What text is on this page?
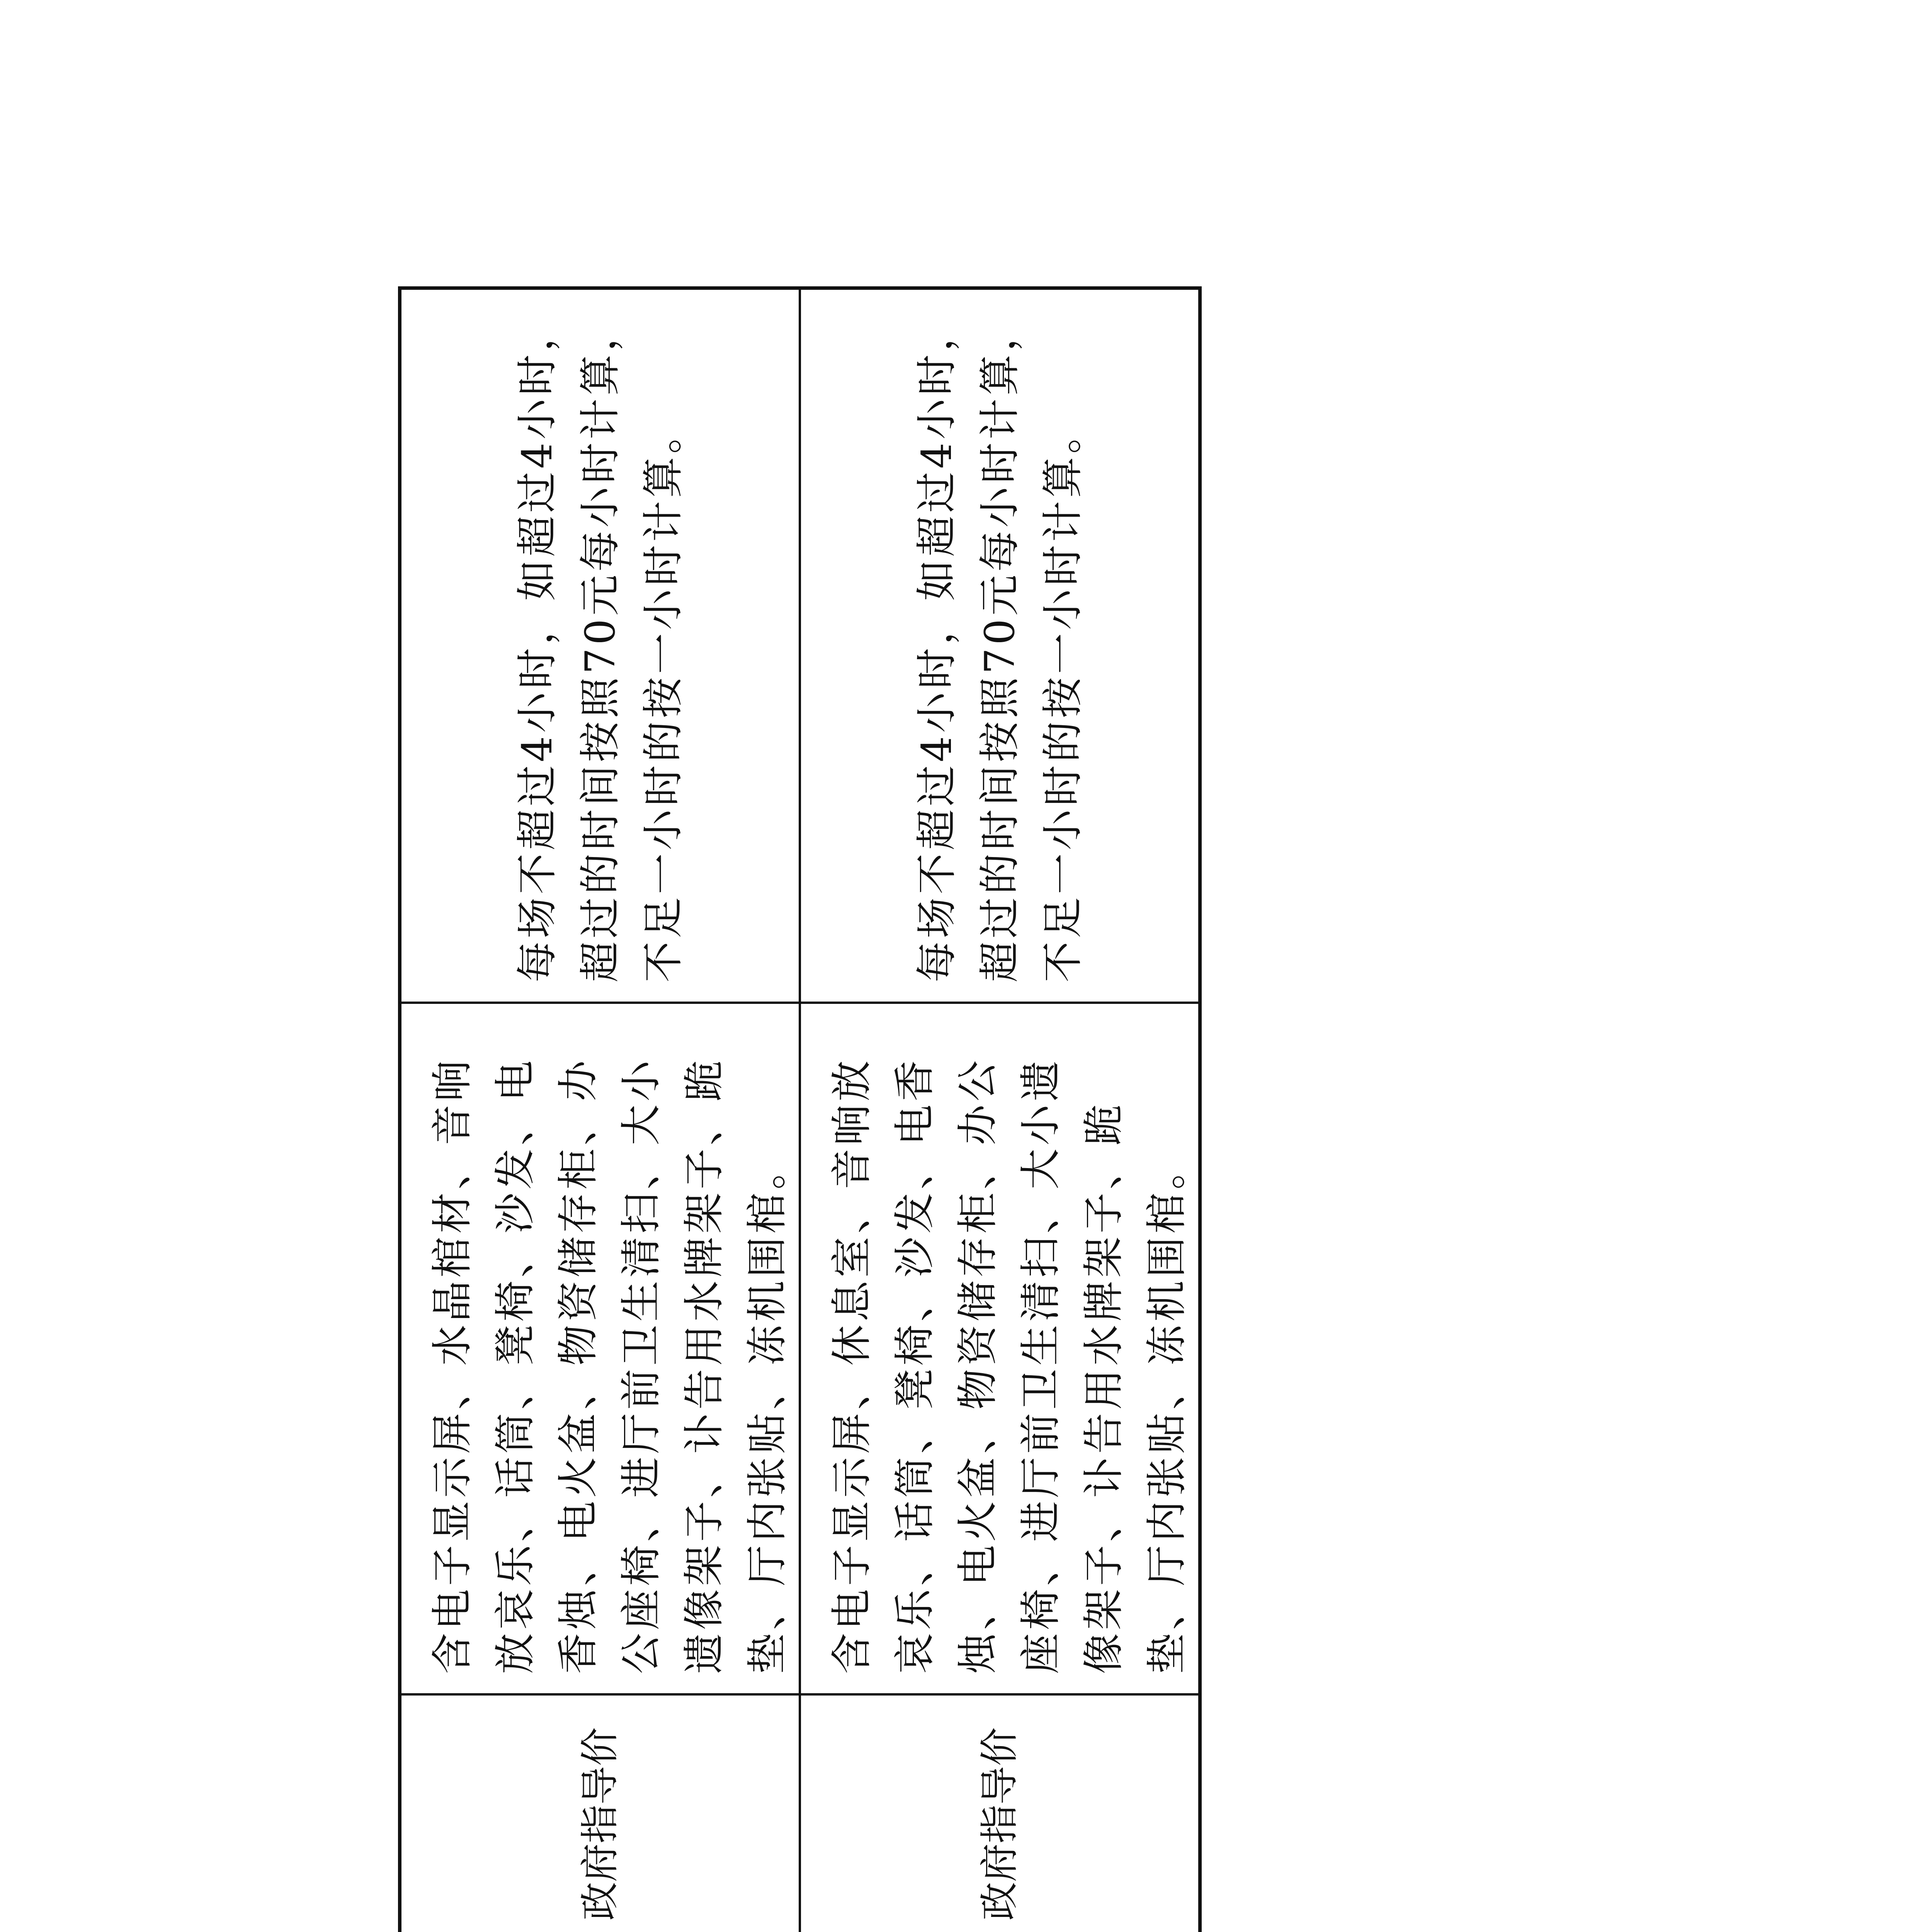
				政府指导价	含电子显示屏、水晶棺材、音响放哀乐、话筒、凳椅、沙发、电香烛、电火盆、物资储存柜、办公座椅、进厅前卫生清扫、大小遗像架子、讣告用水牌架子、跪垫、厅内张贴、冻机围棺。	每场不超过4小时，如超过4小时，超过的时间按照70元每小时计算，不足一小时的按一小时计算。

				政府指导价	含电子显示屏、休息室、音响放哀乐、话筒、凳椅、沙发、电香烛、电火盆、物资储存柜、办公座椅、进厅前卫生清扫、大小遗像架子、讣告用水牌架子、跪垫、厅内张贴、冻机围棺。	每场不超过4小时，如超过4小时，超过的时间按照70元每小时计算，不足一小时的按一小时计算。
